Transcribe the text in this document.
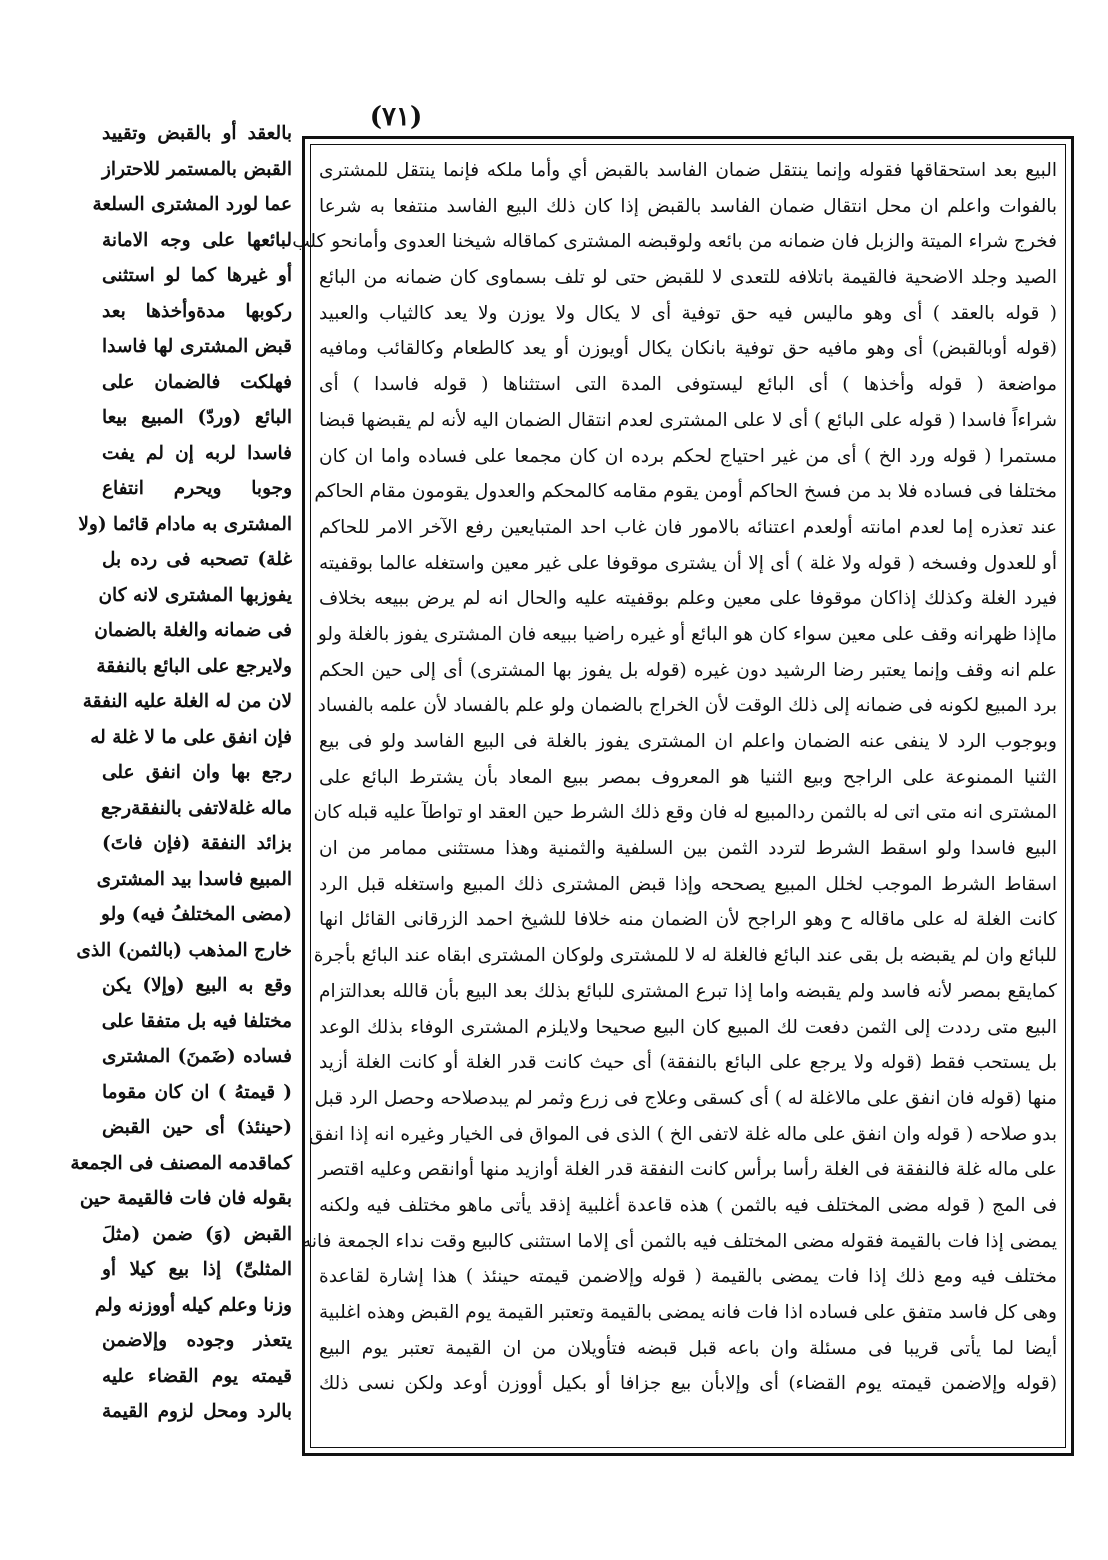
(٧١)
البيع بعد استحقاقها فقوله وإنما ينتقل ضمان الفاسد بالقبض أي وأما ملكه فإنما ينتقل للمشترى
بالفوات واعلم ان محل انتقال ضمان الفاسد بالقبض إذا كان ذلك البيع الفاسد منتفعا به شرعا
فخرج شراء الميتة والزبل فان ضمانه من بائعه ولوقبضه المشترى كماقاله شيخنا العدوى وأمانحو كلب
الصيد وجلد الاضحية فالقيمة باتلافه للتعدى لا للقبض حتى لو تلف بسماوى كان ضمانه من البائع
( قوله بالعقد ) أى وهو ماليس فيه حق توفية أى لا يكال ولا يوزن ولا يعد كالثياب والعبيد
(قوله أوبالقبض) أى وهو مافيه حق توفية بانكان يكال أويوزن أو يعد كالطعام وكالقائب ومافيه
مواضعة ( قوله وأخذها ) أى البائع ليستوفى المدة التى استثناها ( قوله فاسدا ) أى
شراءاً فاسدا ( قوله على البائع ) أى لا على المشترى لعدم انتقال الضمان اليه لأنه لم يقبضها قبضا
مستمرا ( قوله ورد الخ ) أى من غير احتياج لحكم برده ان كان مجمعا على فساده واما ان كان
مختلفا فى فساده فلا بد من فسخ الحاكم أومن يقوم مقامه كالمحكم والعدول يقومون مقام الحاكم
عند تعذره إما لعدم امانته أولعدم اعتنائه بالامور فان غاب احد المتبايعين رفع الآخر الامر للحاكم
أو للعدول وفسخه ( قوله ولا غلة ) أى إلا أن يشترى موقوفا على غير معين واستغله عالما بوقفيته
فيرد الغلة وكذلك إذاكان موقوفا على معين وعلم بوقفيته عليه والحال انه لم يرض ببيعه بخلاف
ماإذا ظهرانه وقف على معين سواء كان هو البائع أو غيره راضيا ببيعه فان المشترى يفوز بالغلة ولو
علم انه وقف وإنما يعتبر رضا الرشيد دون غيره (قوله بل يفوز بها المشترى) أى إلى حين الحكم
برد المبيع لكونه فى ضمانه إلى ذلك الوقت لأن الخراج بالضمان ولو علم بالفساد لأن علمه بالفساد
وبوجوب الرد لا ينفى عنه الضمان واعلم ان المشترى يفوز بالغلة فى البيع الفاسد ولو فى بيع
الثنيا الممنوعة على الراجح وبيع الثنيا هو المعروف بمصر ببيع المعاد بأن يشترط البائع على
المشترى انه متى اتى له بالثمن ردالمبيع له فان وقع ذلك الشرط حين العقد او تواطآ عليه قبله كان
البيع فاسدا ولو اسقط الشرط لتردد الثمن بين السلفية والثمنية وهذا مستثنى ممامر من ان
اسقاط الشرط الموجب لخلل المبيع يصححه وإذا قبض المشترى ذلك المبيع واستغله قبل الرد
كانت الغلة له على ماقاله ح وهو الراجح لأن الضمان منه خلافا للشيخ احمد الزرقانى القائل انها
للبائع وان لم يقبضه بل بقى عند البائع فالغلة له لا للمشترى ولوكان المشترى ابقاه عند البائع بأجرة
كمايقع بمصر لأنه فاسد ولم يقبضه واما إذا تبرع المشترى للبائع بذلك بعد البيع بأن قالله بعدالتزام
البيع متى رددت إلى الثمن دفعت لك المبيع كان البيع صحيحا ولايلزم المشترى الوفاء بذلك الوعد
بل يستحب فقط (قوله ولا يرجع على البائع بالنفقة) أى حيث كانت قدر الغلة أو كانت الغلة أزيد
منها (قوله فان انفق على مالاغلة له ) أى كسقى وعلاج فى زرع وثمر لم يبدصلاحه وحصل الرد قبل
بدو صلاحه ( قوله وان انفق على ماله غلة لاتفى الخ ) الذى فى المواق فى الخيار وغيره انه إذا انفق
على ماله غلة فالنفقة فى الغلة رأسا برأس كانت النفقة قدر الغلة أوازيد منها أوانقص وعليه اقتصر
فى المج ( قوله مضى المختلف فيه بالثمن ) هذه قاعدة أغلبية إذقد يأتى ماهو مختلف فيه ولكنه
يمضى إذا فات بالقيمة فقوله مضى المختلف فيه بالثمن أى إلاما استثنى كالبيع وقت نداء الجمعة فانه
مختلف فيه ومع ذلك إذا فات يمضى بالقيمة ( قوله وإلاضمن قيمته حينئذ ) هذا إشارة لقاعدة
وهى كل فاسد متفق على فساده اذا فات فانه يمضى بالقيمة وتعتبر القيمة يوم القبض وهذه اغلبية
أيضا لما يأتى قريبا فى مسئلة وان باعه قبل قبضه فتأويلان من ان القيمة تعتبر يوم البيع
(قوله وإلاضمن قيمته يوم القضاء) أى وإلابأن بيع جزافا أو بكيل أووزن أوعد ولكن نسى ذلك
بالعقد أو بالقبض وتقييد
القبض بالمستمر للاحتراز
عما لورد المشترى السلعة
لبائعها على وجه الامانة
أو غيرها كما لو استثنى
ركوبها مدةوأخذها بعد
قبض المشترى لها فاسدا
فهلكت فالضمان على
البائع (وردّ) المبيع بيعا
فاسدا لربه إن لم يفت
وجوبا ويحرم انتفاع
المشترى به مادام قائما (ولا
غلة) تصحبه فى رده بل
يفوزبها المشترى لانه كان
فى ضمانه والغلة بالضمان
ولايرجع على البائع بالنفقة
لان من له الغلة عليه النفقة
فإن انفق على ما لا غلة له
رجع بها وان انفق على
ماله غلةلاتفى بالنفقةرجع
بزائد النفقة (فإن فاتَ)
المبيع فاسدا بيد المشترى
(مضى المختلفُ فيه) ولو
خارج المذهب (بالثمن) الذى
وقع به البيع (وإلا) يكن
مختلفا فيه بل متفقا على
فساده (ضَمنَ) المشترى
( قيمتهُ ) ان كان مقوما
(حينئذ) أى حين القبض
كماقدمه المصنف فى الجمعة
بقوله فان فات فالقيمة حين
القبض (وَ) ضمن (مثلَ
المثلىِّ) إذا بيع كيلا أو
وزنا وعلم كيله أووزنه ولم
يتعذر وجوده وإلاضمن
قيمته يوم القضاء عليه
بالرد ومحل لزوم القيمة
